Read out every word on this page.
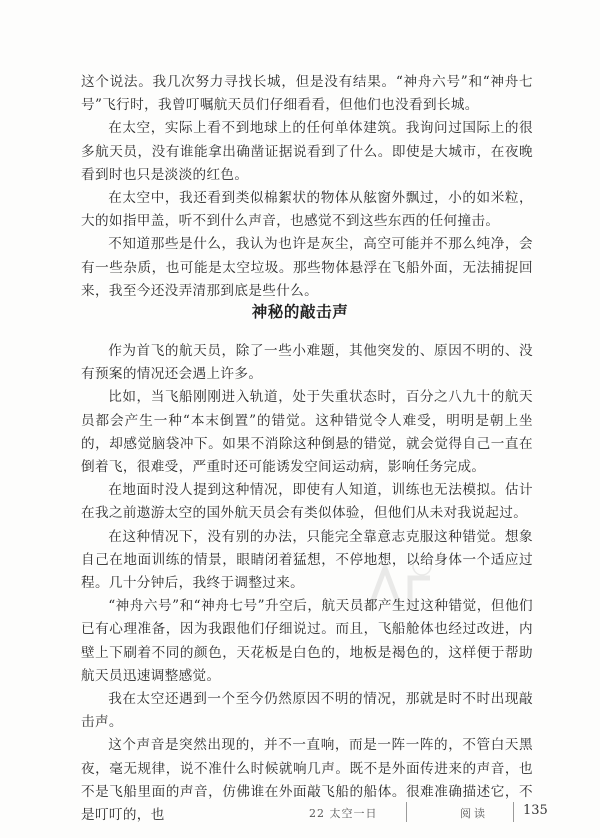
这个说法。我几次努力寻找长城，但是没有结果。“神舟六号”和“神舟七号”飞行时，我曾叮嘱航天员们仔细看看，但他们也没看到长城。

在太空，实际上看不到地球上的任何单体建筑。我询问过国际上的很多航天员，没有谁能拿出确凿证据说看到了什么。即使是大城市，在夜晚看到时也只是淡淡的红色。

在太空中，我还看到类似棉絮状的物体从舷窗外飘过，小的如米粒，大的如指甲盖，听不到什么声音，也感觉不到这些东西的任何撞击。

不知道那些是什么，我认为也许是灰尘，高空可能并不那么纯净，会有一些杂质，也可能是太空垃圾。那些物体悬浮在飞船外面，无法捕捉回来，我至今还没弄清那到底是些什么。

神秘的敲击声

作为首飞的航天员，除了一些小难题，其他突发的、原因不明的、没有预案的情况还会遇上许多。

比如，当飞船刚刚进入轨道，处于失重状态时，百分之八九十的航天员都会产生一种“本末倒置”的错觉。这种错觉令人难受，明明是朝上坐的，却感觉脑袋冲下。如果不消除这种倒悬的错觉，就会觉得自己一直在倒着飞，很难受，严重时还可能诱发空间运动病，影响任务完成。

在地面时没人提到这种情况，即使有人知道，训练也无法模拟。估计在我之前遨游太空的国外航天员会有类似体验，但他们从未对我说起过。

在这种情况下，没有别的办法，只能完全靠意志克服这种错觉。想象自己在地面训练的情景，眼睛闭着猛想，不停地想，以给身体一个适应过程。几十分钟后，我终于调整过来。

“神舟六号”和“神舟七号”升空后，航天员都产生过这种错觉，但他们已有心理准备，因为我跟他们仔细说过。而且，飞船舱体也经过改进，内壁上下刷着不同的颜色，天花板是白色的，地板是褐色的，这样便于帮助航天员迅速调整感觉。

我在太空还遇到一个至今仍然原因不明的情况，那就是时不时出现敲击声。

这个声音是突然出现的，并不一直响，而是一阵一阵的，不管白天黑夜，毫无规律，说不准什么时候就响几声。既不是外面传进来的声音，也不是飞船里面的声音，仿佛谁在外面敲飞船的船体。很难准确描述它，不是叮叮的，也	22 太空一日	阅读	135
